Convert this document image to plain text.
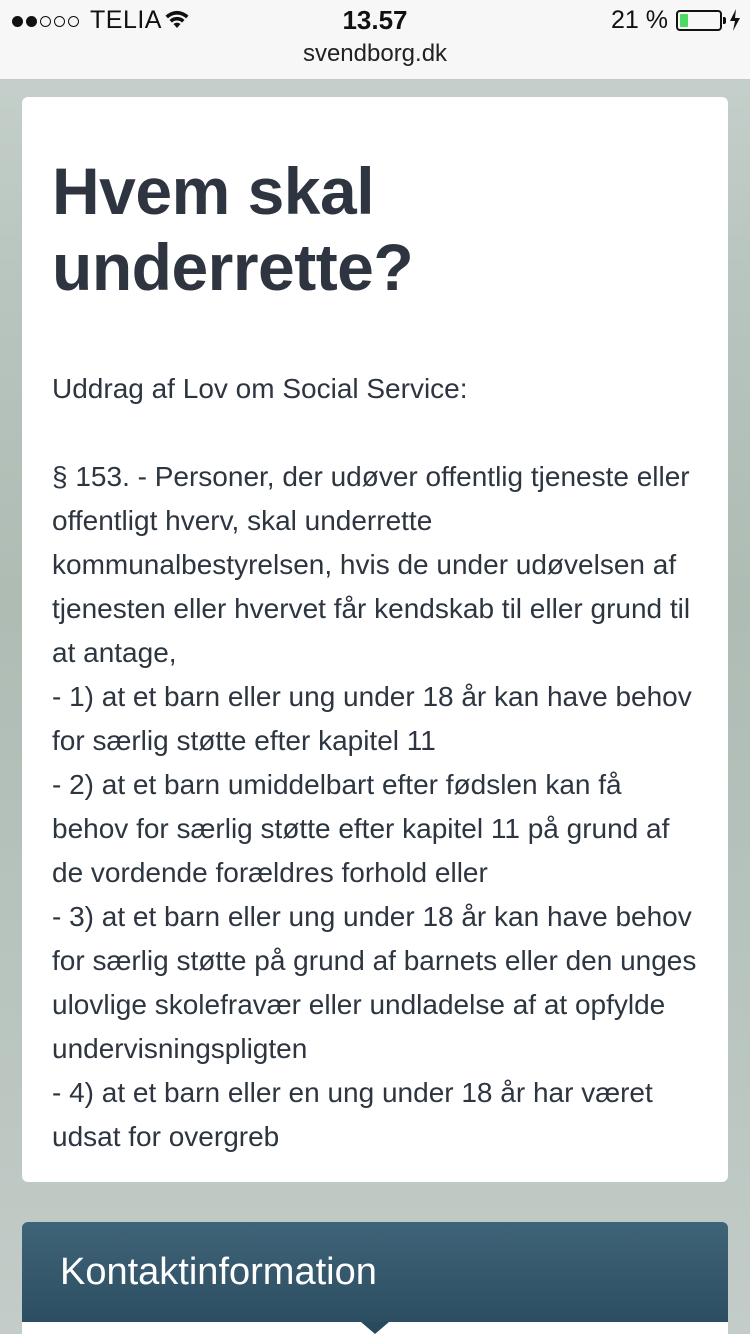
TELIA	13.57	21 %
svendborg.dk
Hvem skal
underrette?

Uddrag af Lov om Social Service:

§ 153. - Personer, der udøver offentlig tjeneste eller offentligt hverv, skal underrette kommunalbestyrelsen, hvis de under udøvelsen af tjenesten eller hvervet får kendskab til eller grund til at antage,

- 1) at et barn eller ung under 18 år kan have behov for særlig støtte efter kapitel 11

- 2) at et barn umiddelbart efter fødslen kan få behov for særlig støtte efter kapitel 11 på grund af de vordende forældres forhold eller

- 3) at et barn eller ung under 18 år kan have behov for særlig støtte på grund af barnets eller den unges ulovlige skolefravær eller undladelse af at opfylde undervisningspligten

- 4) at et barn eller en ung under 18 år har været udsat for overgreb

Kontaktinformation
